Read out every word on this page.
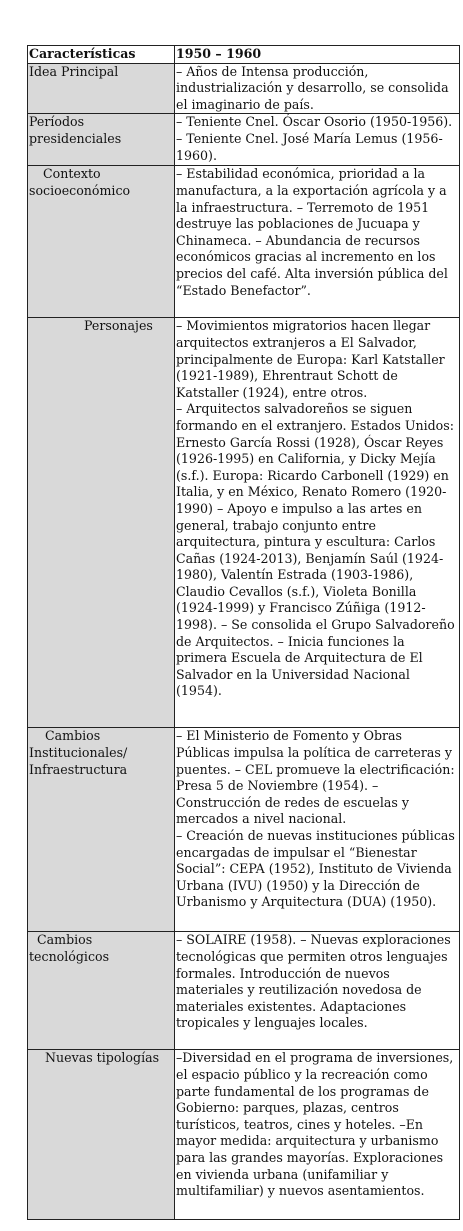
Características	1950 – 1960

Idea Principal	– Años de Intensa producción, industrialización y desarrollo, se consolida el imaginario de país.

Períodos presidenciales	– Teniente Cnel. Óscar Osorio (1950-1956). – Teniente Cnel. José María Lemus (1956-1960).

Contexto socioeconómico	– Estabilidad económica, prioridad a la manufactura, a la exportación agrícola y a la infraestructura. – Terremoto de 1951 destruye las poblaciones de Jucuapa y Chinameca. – Abundancia de recursos económicos gracias al incremento en los precios del café. Alta inversión pública del “Estado Benefactor”.

Personajes	– Movimientos migratorios hacen llegar arquitectos extranjeros a El Salvador, principalmente de Europa: Karl Katstaller (1921-1989), Ehrentraut Schott de Katstaller (1924), entre otros.
– Arquitectos salvadoreños se siguen formando en el extranjero. Estados Unidos: Ernesto García Rossi (1928), Óscar Reyes (1926-1995) en California, y Dicky Mejía (s.f.). Europa: Ricardo Carbonell (1929) en Italia, y en México, Renato Romero (1920-1990) – Apoyo e impulso a las artes en general, trabajo conjunto entre arquitectura, pintura y escultura: Carlos Cañas (1924-2013), Benjamín Saúl (1924-1980), Valentín Estrada (1903-1986), Claudio Cevallos (s.f.), Violeta Bonilla (1924-1999) y Francisco Zúñiga (1912-1998). – Se consolida el Grupo Salvadoreño de Arquitectos. – Inicia funciones la primera Escuela de Arquitectura de El Salvador en la Universidad Nacional (1954).

Cambios Institucionales/ Infraestructura	– El Ministerio de Fomento y Obras Públicas impulsa la política de carreteras y puentes. – CEL promueve la electrificación: Presa 5 de Noviembre (1954). – Construcción de redes de escuelas y mercados a nivel nacional.
– Creación de nuevas instituciones públicas encargadas de impulsar el “Bienestar Social”: CEPA (1952), Instituto de Vivienda Urbana (IVU) (1950) y la Dirección de Urbanismo y Arquitectura (DUA) (1950).

Cambios tecnológicos	– SOLAIRE (1958). – Nuevas exploraciones tecnológicas que permiten otros lenguajes formales. Introducción de nuevos materiales y reutilización novedosa de materiales existentes. Adaptaciones tropicales y lenguajes locales.

Nuevas tipologías	–Diversidad en el programa de inversiones, el espacio público y la recreación como parte fundamental de los programas de Gobierno: parques, plazas, centros turísticos, teatros, cines y hoteles. –En mayor medida: arquitectura y urbanismo para las grandes mayorías. Exploraciones en vivienda urbana (unifamiliar y multifamiliar) y nuevos asentamientos.
